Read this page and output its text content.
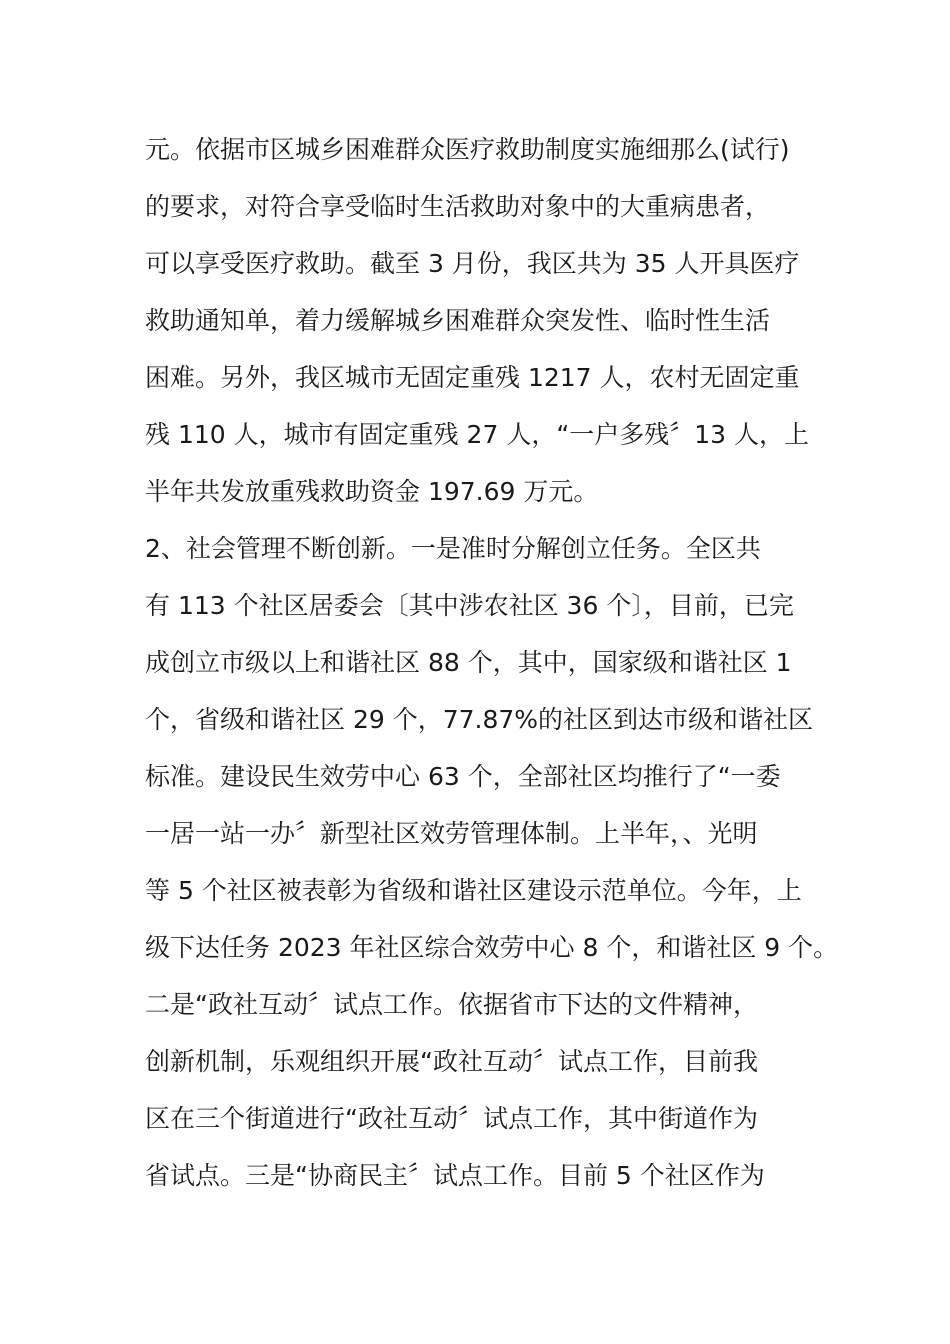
元。依据市区城乡困难群众医疗救助制度实施细那么(试行)
的要求，对符合享受临时生活救助对象中的大重病患者，
可以享受医疗救助。截至 3 月份，我区共为 35 人开具医疗
救助通知单，着力缓解城乡困难群众突发性、临时性生活
困难。另外，我区城市无固定重残 1217 人，农村无固定重
残 110 人，城市有固定重残 27 人，“一户多残〞13 人，上
半年共发放重残救助资金 197.69 万元。
2、社会管理不断创新。一是准时分解创立任务。全区共
有 113 个社区居委会〔其中涉农社区 36 个〕，目前，已完
成创立市级以上和谐社区 88 个，其中，国家级和谐社区 1
个，省级和谐社区 29 个，77.87%的社区到达市级和谐社区
标准。建设民生效劳中心 63 个，全部社区均推行了“一委
一居一站一办〞新型社区效劳管理体制。上半年，、光明
等 5 个社区被表彰为省级和谐社区建设示范单位。今年，上
级下达任务 2023 年社区综合效劳中心 8 个，和谐社区 9 个。
二是“政社互动〞试点工作。依据省市下达的文件精神，
创新机制，乐观组织开展“政社互动〞试点工作，目前我
区在三个街道进行“政社互动〞试点工作，其中街道作为
省试点。三是“协商民主〞试点工作。目前 5 个社区作为
